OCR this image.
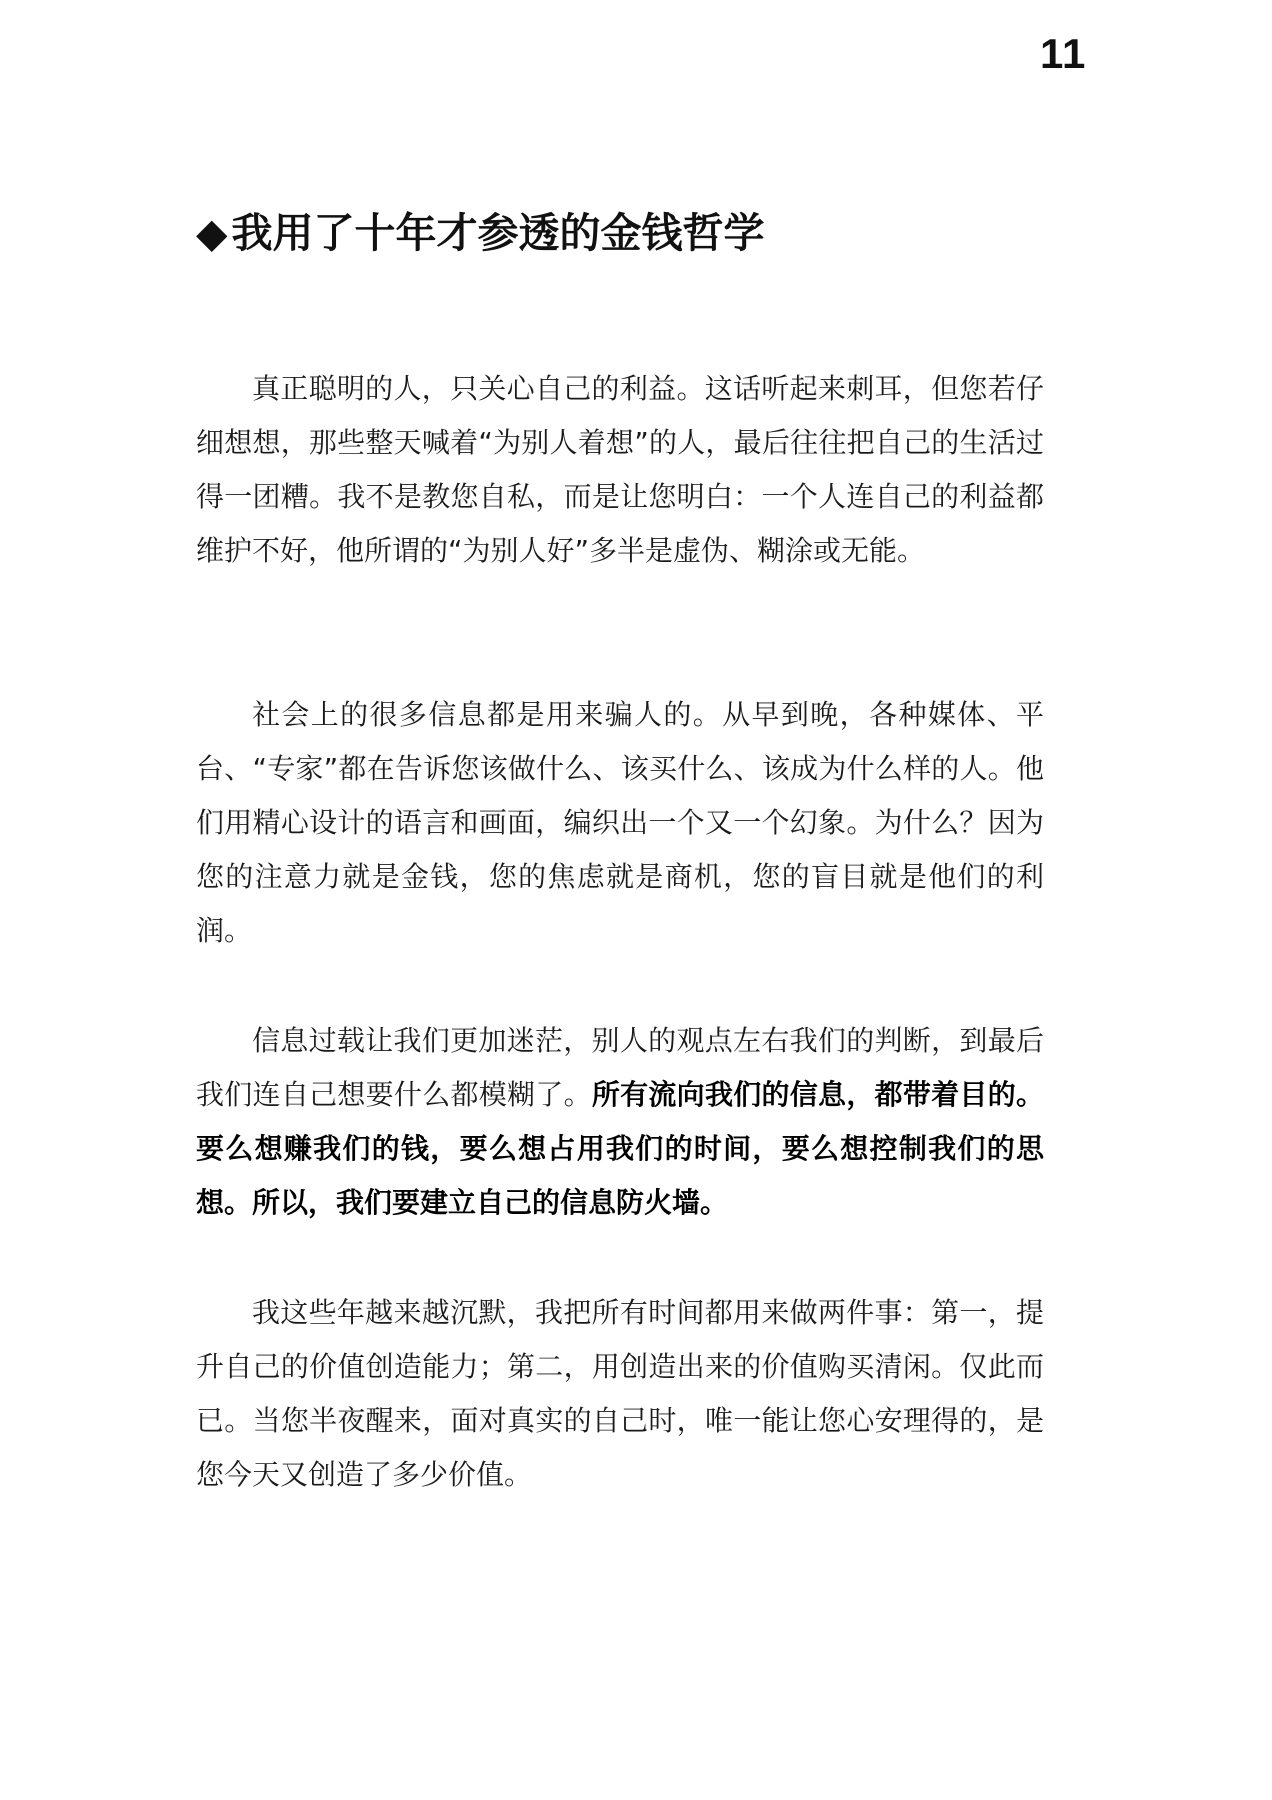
11
◆我用了十年才参透的金钱哲学

真正聪明的人，只关心自己的利益。这话听起来刺耳，但您若仔细想想，那些整天喊着“为别人着想”的人，最后往往把自己的生活过得一团糟。我不是教您自私，而是让您明白：一个人连自己的利益都维护不好，他所谓的“为别人好”多半是虚伪、糊涂或无能。

社会上的很多信息都是用来骗人的。从早到晚，各种媒体、平台、“专家”都在告诉您该做什么、该买什么、该成为什么样的人。他们用精心设计的语言和画面，编织出一个又一个幻象。为什么？因为您的注意力就是金钱，您的焦虑就是商机，您的盲目就是他们的利润。

信息过载让我们更加迷茫，别人的观点左右我们的判断，到最后我们连自己想要什么都模糊了。所有流向我们的信息，都带着目的。要么想赚我们的钱，要么想占用我们的时间，要么想控制我们的思想。所以，我们要建立自己的信息防火墙。

我这些年越来越沉默，我把所有时间都用来做两件事：第一，提升自己的价值创造能力；第二，用创造出来的价值购买清闲。仅此而已。当您半夜醒来，面对真实的自己时，唯一能让您心安理得的，是您今天又创造了多少价值。
